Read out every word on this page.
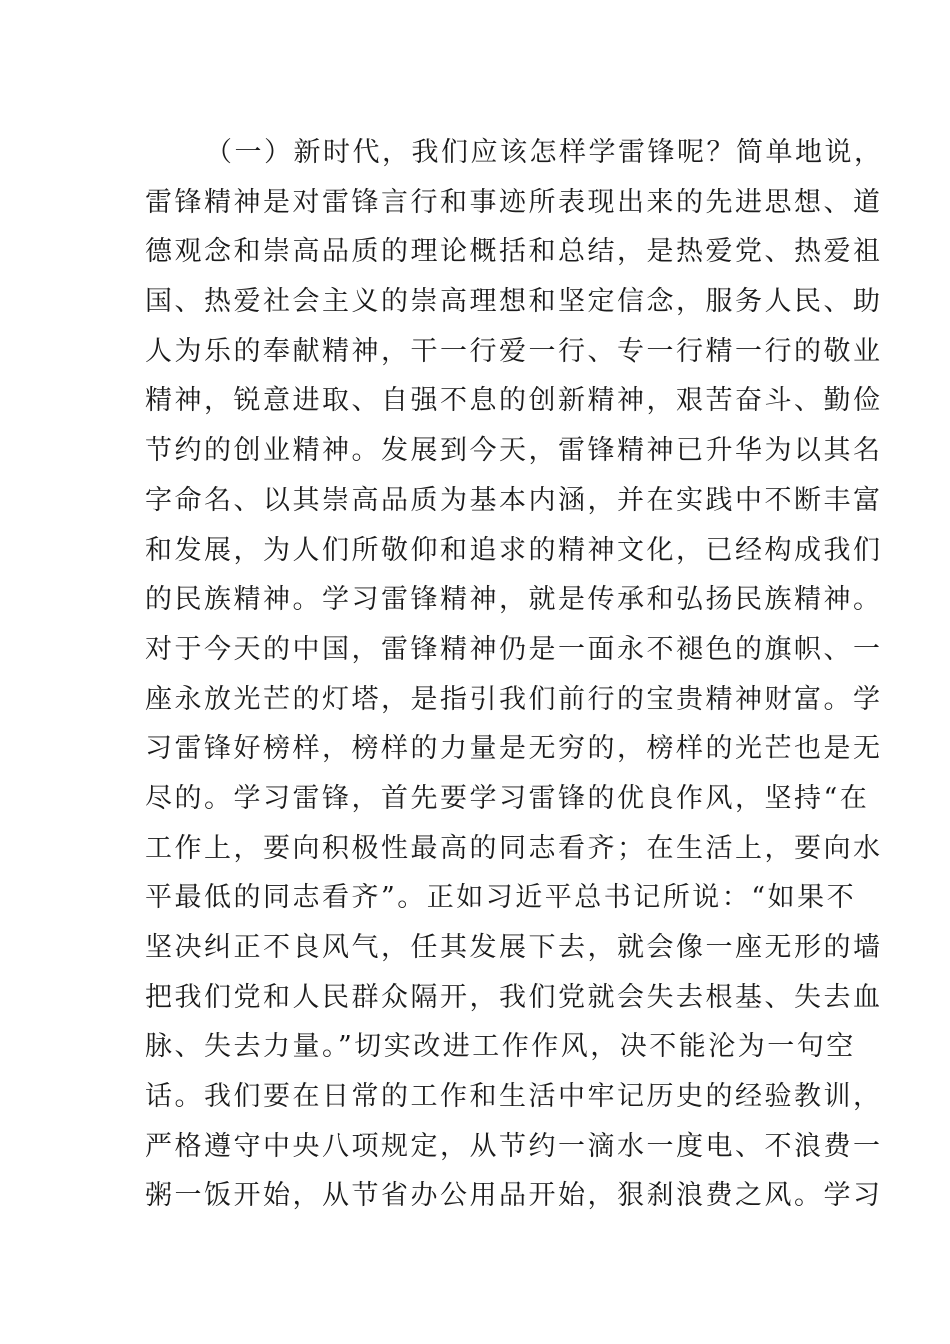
（一）新时代，我们应该怎样学雷锋呢？简单地说，
雷锋精神是对雷锋言行和事迹所表现出来的先进思想、道
德观念和崇高品质的理论概括和总结，是热爱党、热爱祖
国、热爱社会主义的崇高理想和坚定信念，服务人民、助
人为乐的奉献精神，干一行爱一行、专一行精一行的敬业
精神，锐意进取、自强不息的创新精神，艰苦奋斗、勤俭
节约的创业精神。发展到今天，雷锋精神已升华为以其名
字命名、以其崇高品质为基本内涵，并在实践中不断丰富
和发展，为人们所敬仰和追求的精神文化，已经构成我们
的民族精神。学习雷锋精神，就是传承和弘扬民族精神。
对于今天的中国，雷锋精神仍是一面永不褪色的旗帜、一
座永放光芒的灯塔，是指引我们前行的宝贵精神财富。学
习雷锋好榜样，榜样的力量是无穷的，榜样的光芒也是无
尽的。学习雷锋，首先要学习雷锋的优良作风，坚持“在
工作上，要向积极性最高的同志看齐；在生活上，要向水
平最低的同志看齐”。正如习近平总书记所说：“如果不
坚决纠正不良风气，任其发展下去，就会像一座无形的墙
把我们党和人民群众隔开，我们党就会失去根基、失去血
脉、失去力量。”切实改进工作作风，决不能沦为一句空
话。我们要在日常的工作和生活中牢记历史的经验教训，
严格遵守中央八项规定，从节约一滴水一度电、不浪费一
粥一饭开始，从节省办公用品开始，狠刹浪费之风。学习
